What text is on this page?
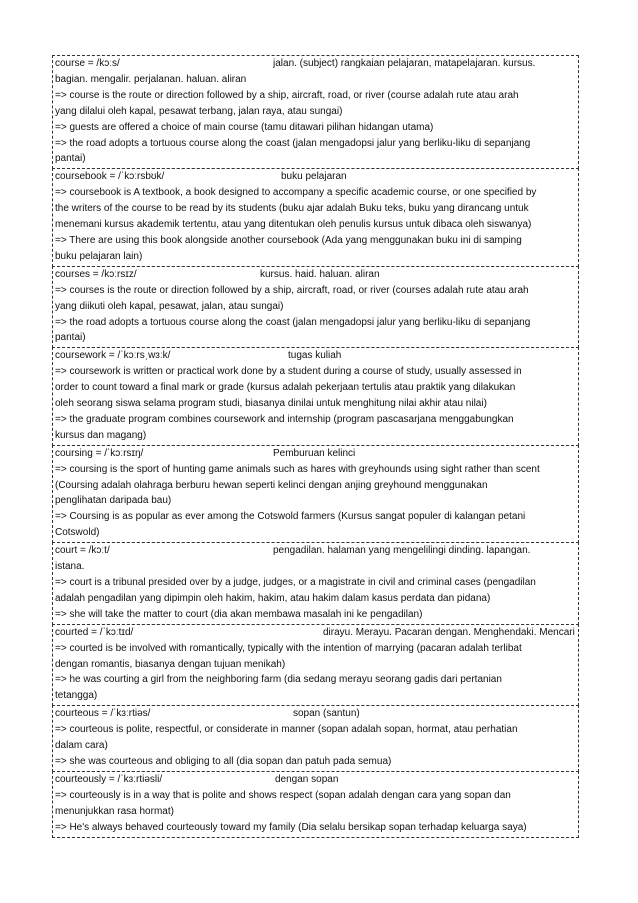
course = /kɔːs/	jalan. (subject) rangkaian pelajaran, matapelajaran. kursus.
bagian. mengalir. perjalanan. haluan. aliran
=> course is the route or direction followed by a ship, aircraft, road, or river (course adalah rute atau arah
yang dilalui oleh kapal, pesawat terbang, jalan raya, atau sungai)
=> guests are offered a choice of main course (tamu ditawari pilihan hidangan utama)
=> the road adopts a tortuous course along the coast (jalan mengadopsi jalur yang berliku-liku di sepanjang
pantai)
coursebook = /ˈkɔːrsbʊk/	buku pelajaran
=> coursebook is A textbook, a book designed to accompany a specific academic course, or one specified by
the writers of the course to be read by its students (buku ajar adalah Buku teks, buku yang dirancang untuk
menemani kursus akademik tertentu, atau yang ditentukan oleh penulis kursus untuk dibaca oleh siswanya)
=> There are using this book alongside another coursebook (Ada yang menggunakan buku ini di samping
buku pelajaran lain)
courses = /kɔːrsɪz/	kursus. haid. haluan. aliran
=> courses is the route or direction followed by a ship, aircraft, road, or river (courses adalah rute atau arah
yang diikuti oleh kapal, pesawat, jalan, atau sungai)
=> the road adopts a tortuous course along the coast (jalan mengadopsi jalur yang berliku-liku di sepanjang
pantai)
coursework = /ˈkɔːrsˌwɜːk/	tugas kuliah
=> coursework is written or practical work done by a student during a course of study, usually assessed in
order to count toward a final mark or grade (kursus adalah pekerjaan tertulis atau praktik yang dilakukan
oleh seorang siswa selama program studi, biasanya dinilai untuk menghitung nilai akhir atau nilai)
=> the graduate program combines coursework and internship (program pascasarjana menggabungkan
kursus dan magang)
coursing = /ˈkɔːrsɪŋ/	Pemburuan kelinci
=> coursing is the sport of hunting game animals such as hares with greyhounds using sight rather than scent
(Coursing adalah olahraga berburu hewan seperti kelinci dengan anjing greyhound menggunakan
penglihatan daripada bau)
=> Coursing is as popular as ever among the Cotswold farmers (Kursus sangat populer di kalangan petani
Cotswold)
court = /kɔːt/	pengadilan. halaman yang mengelilingi dinding. lapangan.
istana.
=> court is a tribunal presided over by a judge, judges, or a magistrate in civil and criminal cases (pengadilan
adalah pengadilan yang dipimpin oleh hakim, hakim, atau hakim dalam kasus perdata dan pidana)
=> she will take the matter to court (dia akan membawa masalah ini ke pengadilan)
courted = /ˈkɔːtɪd/	dirayu. Merayu. Pacaran dengan. Menghendaki. Mencari
=> courted is be involved with romantically, typically with the intention of marrying (pacaran adalah terlibat
dengan romantis, biasanya dengan tujuan menikah)
=> he was courting a girl from the neighboring farm (dia sedang merayu seorang gadis dari pertanian
tetangga)
courteous = /ˈkɜːrtiəs/	sopan (santun)
=> courteous is polite, respectful, or considerate in manner (sopan adalah sopan, hormat, atau perhatian
dalam cara)
=> she was courteous and obliging to all (dia sopan dan patuh pada semua)
courteously = /ˈkɜːrtiəsli/	dengan sopan
=> courteously is in a way that is polite and shows respect (sopan adalah dengan cara yang sopan dan
menunjukkan rasa hormat)
=> He's always behaved courteously toward my family (Dia selalu bersikap sopan terhadap keluarga saya)
